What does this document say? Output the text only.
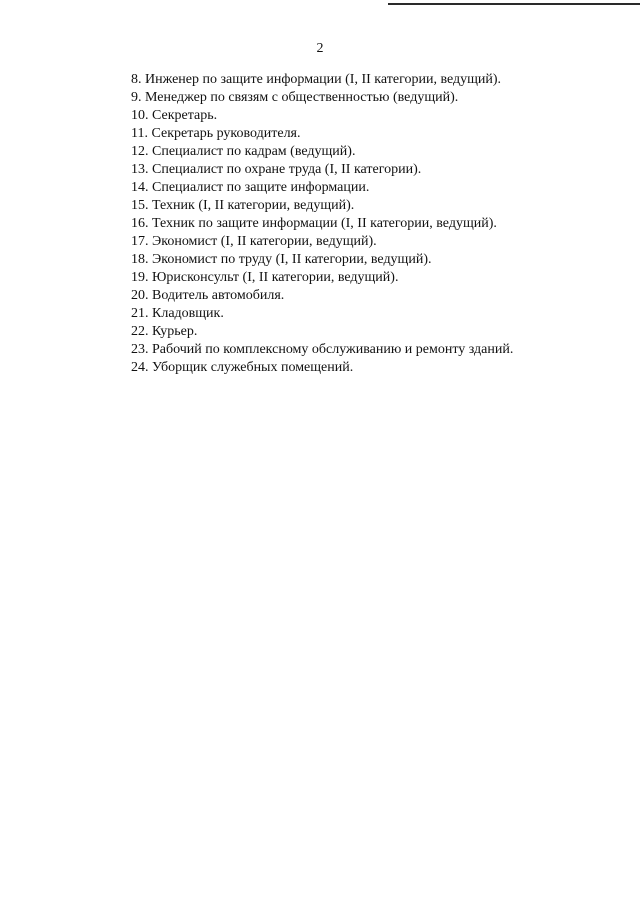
2
8. Инженер по защите информации (I, II категории, ведущий).
9. Менеджер по связям с общественностью (ведущий).
10. Секретарь.
11. Секретарь руководителя.
12. Специалист по кадрам (ведущий).
13. Специалист по охране труда (I, II категории).
14. Специалист по защите информации.
15. Техник (I, II категории, ведущий).
16. Техник по защите информации (I, II категории, ведущий).
17. Экономист (I, II категории, ведущий).
18. Экономист по труду (I, II категории, ведущий).
19. Юрисконсульт (I, II категории, ведущий).
20. Водитель автомобиля.
21. Кладовщик.
22. Курьер.
23. Рабочий по комплексному обслуживанию и ремонту зданий.
24. Уборщик служебных помещений.
